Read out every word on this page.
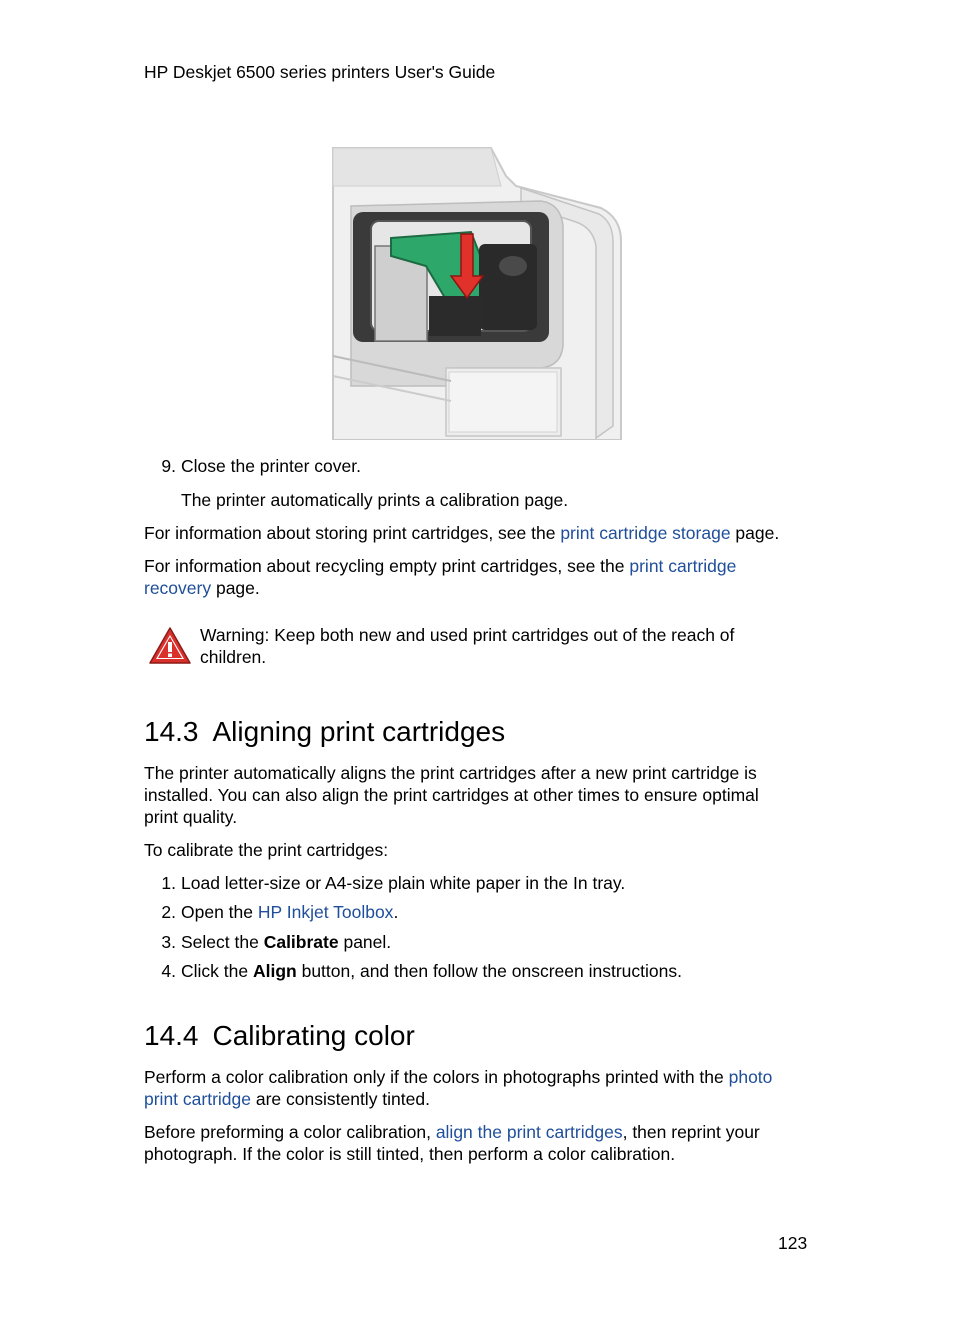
HP Deskjet 6500 series printers User's Guide
9. Close the printer cover.
The printer automatically prints a calibration page.
For information about storing print cartridges, see the print cartridge storage page.
For information about recycling empty print cartridges, see the print cartridge
recovery page.
Warning: Keep both new and used print cartridges out of the reach of
children.
14.3 Aligning print cartridges
The printer automatically aligns the print cartridges after a new print cartridge is
installed. You can also align the print cartridges at other times to ensure optimal
print quality.
To calibrate the print cartridges:
1. Load letter-size or A4-size plain white paper in the In tray.
2. Open the HP Inkjet Toolbox.
3. Select the Calibrate panel.
4. Click the Align button, and then follow the onscreen instructions.
14.4 Calibrating color
Perform a color calibration only if the colors in photographs printed with the photo
print cartridge are consistently tinted.
Before preforming a color calibration, align the print cartridges, then reprint your
photograph. If the color is still tinted, then perform a color calibration.
123
